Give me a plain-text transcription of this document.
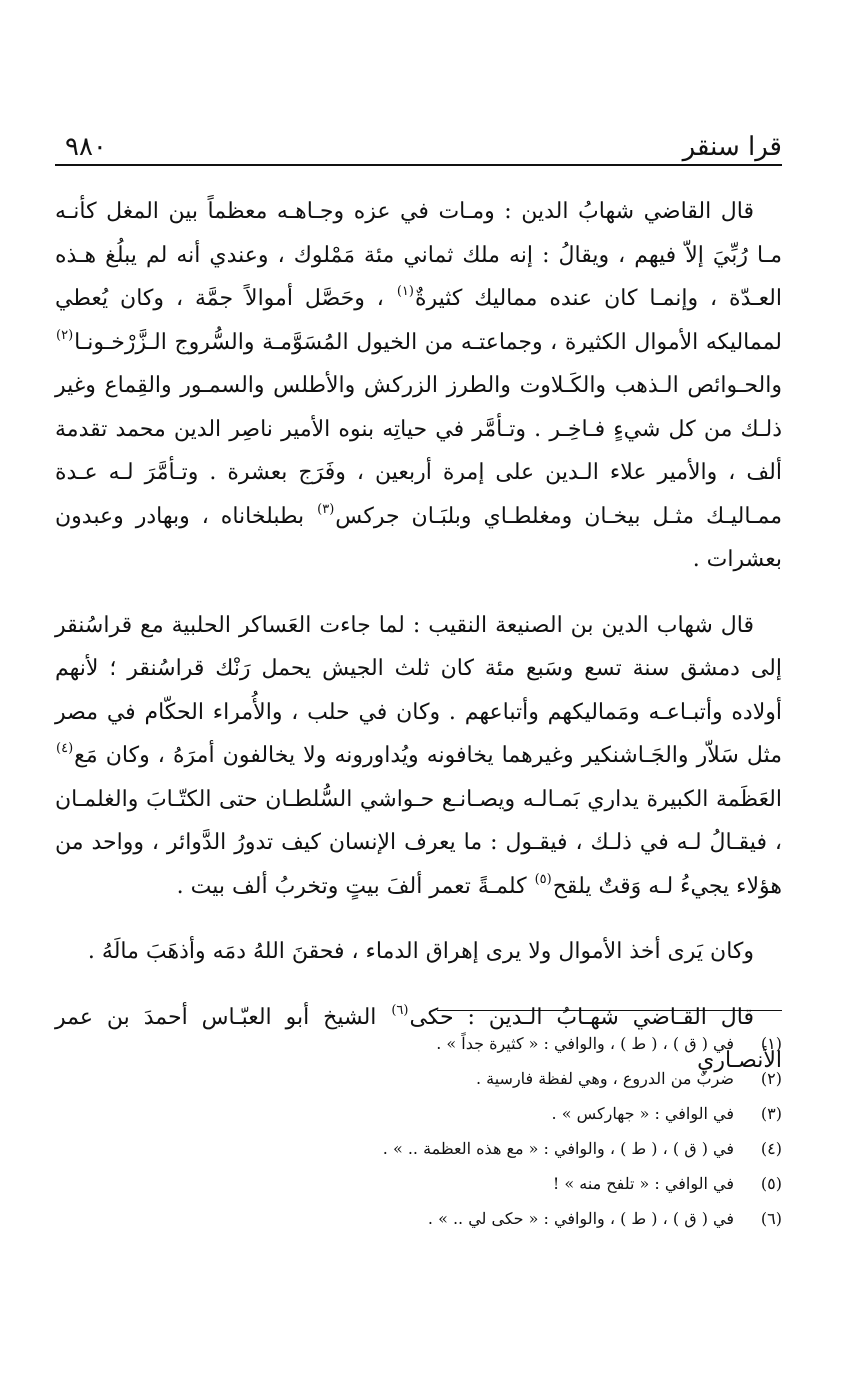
قرا سنقر
٩٨٠

قال القاضي شهابُ الدين : ومـات في عزه وجـاهـه معظماً بين المغل كأنـه مـا رُبِّيَ إلاّ فيهم ، ويقالُ : إنه ملك ثماني مئة مَمْلوك ، وعندي أنه لم يبلُغ هـذه العـدّة ، وإنمـا كان عنده مماليك كثيرةٌ$^{(١)}$ ، وحَصَّل أموالاً جمَّة ، وكان يُعطي لمماليكه الأموال الكثيرة ، وجماعتـه من الخيول المُسَوَّمـة والسُّروج الـزَّرْخـونـا$^{(٢)}$ والحـوائص الـذهب والكَـلاوت والطرز الزركش والأطلس والسمـور والقِماع وغير ذلـك من كل شيءٍ فـاخِـر . وتـأمَّر في حياتِه بنوه الأمير ناصِر الدين محمد تقدمة ألف ، والأمير علاء الـدين على إمرة أربعين ، وفَرَج بعشرة . وتـأمَّرَ لـه عـدة ممـاليـك مثـل بيخـان ومغلطـاي وبلبَـان جركس$^{(٣)}$ بطبلخاناه ، وبهادر وعبدون بعشرات .

قال شهاب الدين بن الصنيعة النقيب : لما جاءت العَساكر الحلبية مع قراسُنقر إلى دمشق سنة تسع وسَبع مئة كان ثلث الجيش يحمل رَنْك قراسُنقر ؛ لأنهم أولاده وأتبـاعـه ومَماليكهم وأتباعهم . وكان في حلب ، والأُمراء الحكّام في مصر مثل سَلاّر والجَـاشنكير وغيرهما يخافونه ويُداورونه ولا يخالفون أمرَهُ ، وكان مَع$^{(٤)}$ العَظَمة الكبيرة يداري بَمـالـه ويصـانـع حـواشي السُّلطـان حتى الكتّـابَ والغلمـان ، فيقـالُ لـه في ذلـك ، فيقـول : ما يعرف الإنسان كيف تدورُ الدَّوائر ، وواحد من هؤلاء يجيءُ لـه وَقتٌ يلقح$^{(٥)}$ كلمـةً تعمر ألفَ بيتٍ وتخربُ ألف بيت .

وكان يَرى أخذ الأموال ولا يرى إهراق الدماء ، فحقنَ اللهُ دمَه وأذهَبَ مالَهُ .

قال القـاضي شهـابُ الـدين : حكى$^{(٦)}$ الشيخ أبو العبّـاس أحمدَ بن عمر الأنصـاري

(١)
في ( ق ) ، ( ط ) ، والوافي : « كثيرة جداً » .
(٢)
ضربٌ من الدروع ، وهي لفظة فارسية .
(٣)
في الوافي : « جهاركس » .
(٤)
في ( ق ) ، ( ط ) ، والوافي : « مع هذه العظمة .. » .
(٥)
في الوافي : « تلفح منه » !
(٦)
في ( ق ) ، ( ط ) ، والوافي : « حكى لي .. » .
